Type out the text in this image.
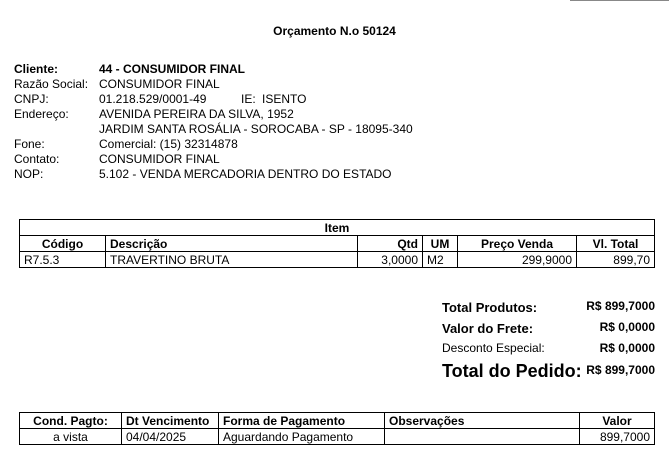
Orçamento N.o 50124
Cliente:	44 - CONSUMIDOR FINAL
Razão Social: CONSUMIDOR FINAL
CNPJ:	01.218.529/0001-49	IE: ISENTO
Endereço:	AVENIDA PEREIRA DA SILVA, 1952
JARDIM SANTA ROSÁLIA - SOROCABA - SP - 18095-340
Fone:	Comercial: (15) 32314878
Contato:	CONSUMIDOR FINAL
NOP:	5.102 - VENDA MERCADORIA DENTRO DO ESTADO
Item					
Código	Descrição	Qtd	UM	Preço Venda	Vl. Total
R7.5.3	TRAVERTINO BRUTA	3,0000	M2	299,9000	899,70
Total Produtos:	R$ 899,7000
Valor do Frete:	R$ 0,0000
Desconto Especial:	R$ 0,0000
Total do Pedido: R$ 899,7000
Cond. Pagto:	Dt Vencimento	Forma de Pagamento	Observações	Valor
a vista	04/04/2025	Aguardando Pagamento		899,7000
